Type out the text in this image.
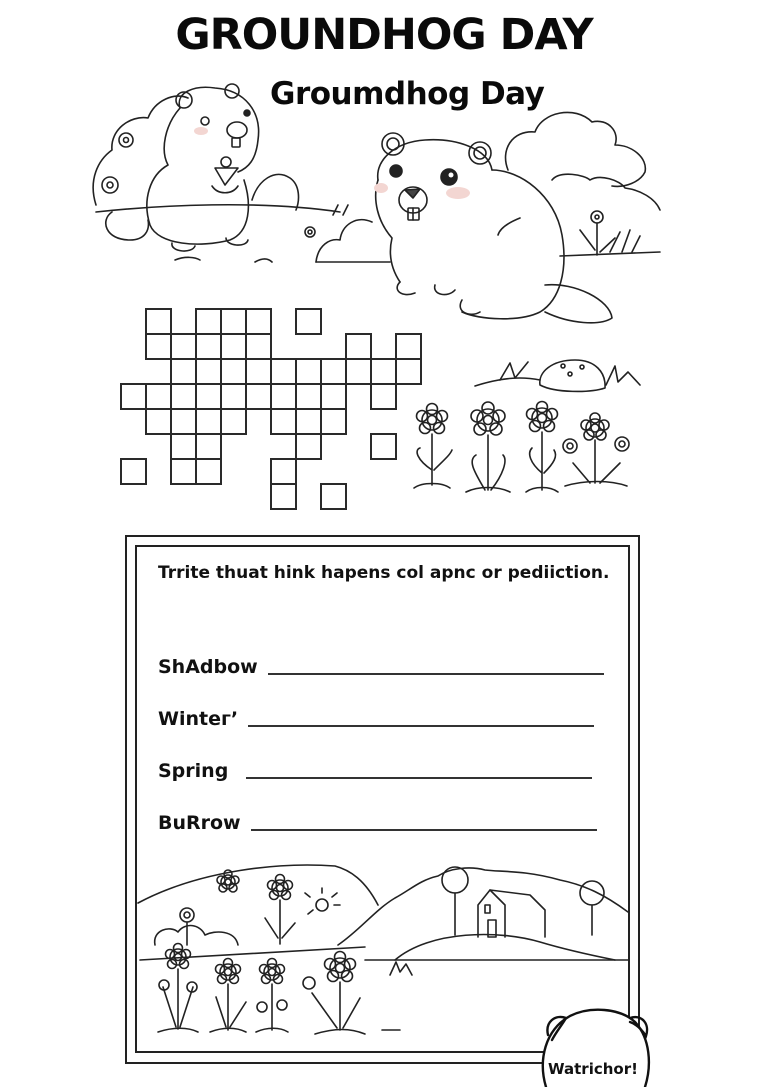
GROUNDHOG DAY
Groumdhog Day
Trrite thuat hink hapens col apnc or pediiction.
ShAdbow
Winteг’
Spring
BuRrow
Watrichor!
